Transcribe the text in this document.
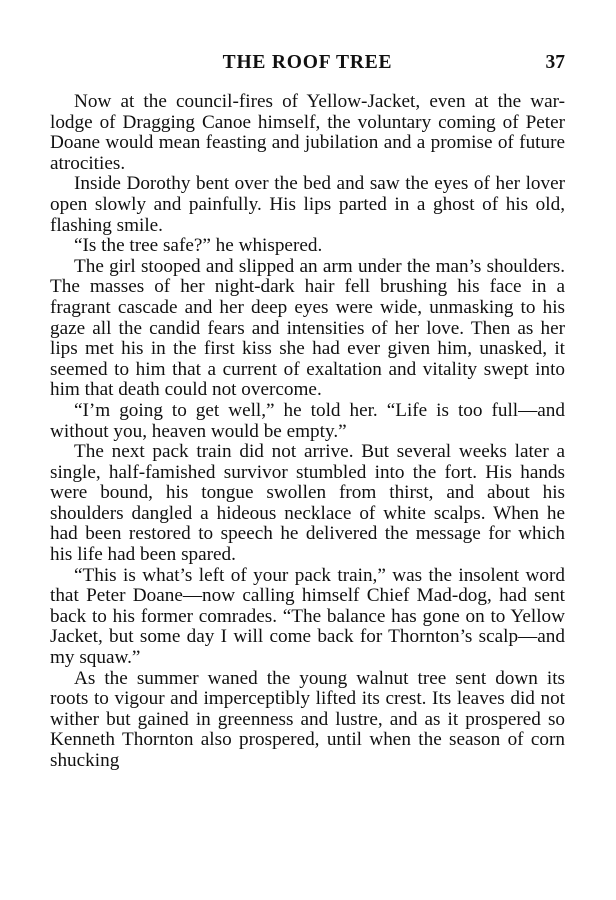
THE ROOF TREE	37

Now at the council-fires of Yellow-Jacket, even at the war-lodge of Dragging Canoe himself, the voluntary coming of Peter Doane would mean feasting and jubilation and a promise of future atrocities.

Inside Dorothy bent over the bed and saw the eyes of her lover open slowly and painfully. His lips parted in a ghost of his old, flashing smile.

“Is the tree safe?” he whispered.

The girl stooped and slipped an arm under the man’s shoulders. The masses of her night-dark hair fell brushing his face in a fragrant cascade and her deep eyes were wide, unmasking to his gaze all the candid fears and intensities of her love. Then as her lips met his in the first kiss she had ever given him, unasked, it seemed to him that a current of exaltation and vitality swept into him that death could not overcome.

“I’m going to get well,” he told her. “Life is too full—and without you, heaven would be empty.”

The next pack train did not arrive. But several weeks later a single, half-famished survivor stumbled into the fort. His hands were bound, his tongue swollen from thirst, and about his shoulders dangled a hideous necklace of white scalps. When he had been restored to speech he delivered the message for which his life had been spared.

“This is what’s left of your pack train,” was the insolent word that Peter Doane—now calling himself Chief Mad-dog, had sent back to his former comrades. “The balance has gone on to Yellow Jacket, but some day I will come back for Thornton’s scalp—and my squaw.”

As the summer waned the young walnut tree sent down its roots to vigour and imperceptibly lifted its crest. Its leaves did not wither but gained in greenness and lustre, and as it prospered so Kenneth Thornton also prospered, until when the season of corn shucking
